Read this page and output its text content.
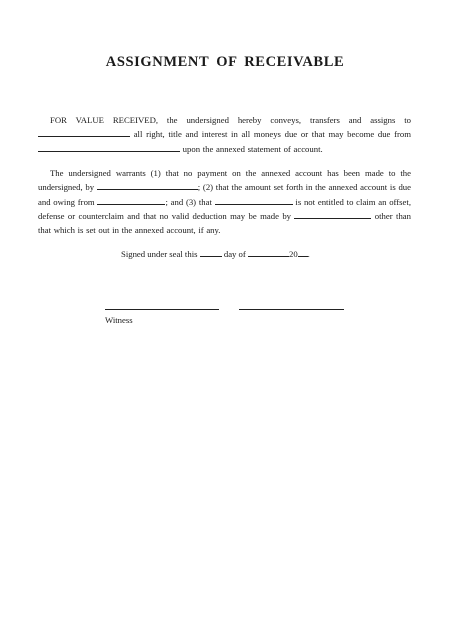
ASSIGNMENT OF RECEIVABLE
FOR VALUE RECEIVED, the undersigned hereby conveys, transfers and assigns to  all right, title and interest in all moneys due or that may become due from  upon the annexed statement of account.
The undersigned warrants (1) that no payment on the annexed account has been made to the undersigned, by	; (2) that the amount set forth in the annexed account is due and owing from	; and (3) that	is not entitled to claim an offset, defense or counterclaim and that no valid deduction may be made by	other than that which is set out in the annexed account, if any.
Signed under seal this	day of	20 .
Witness
